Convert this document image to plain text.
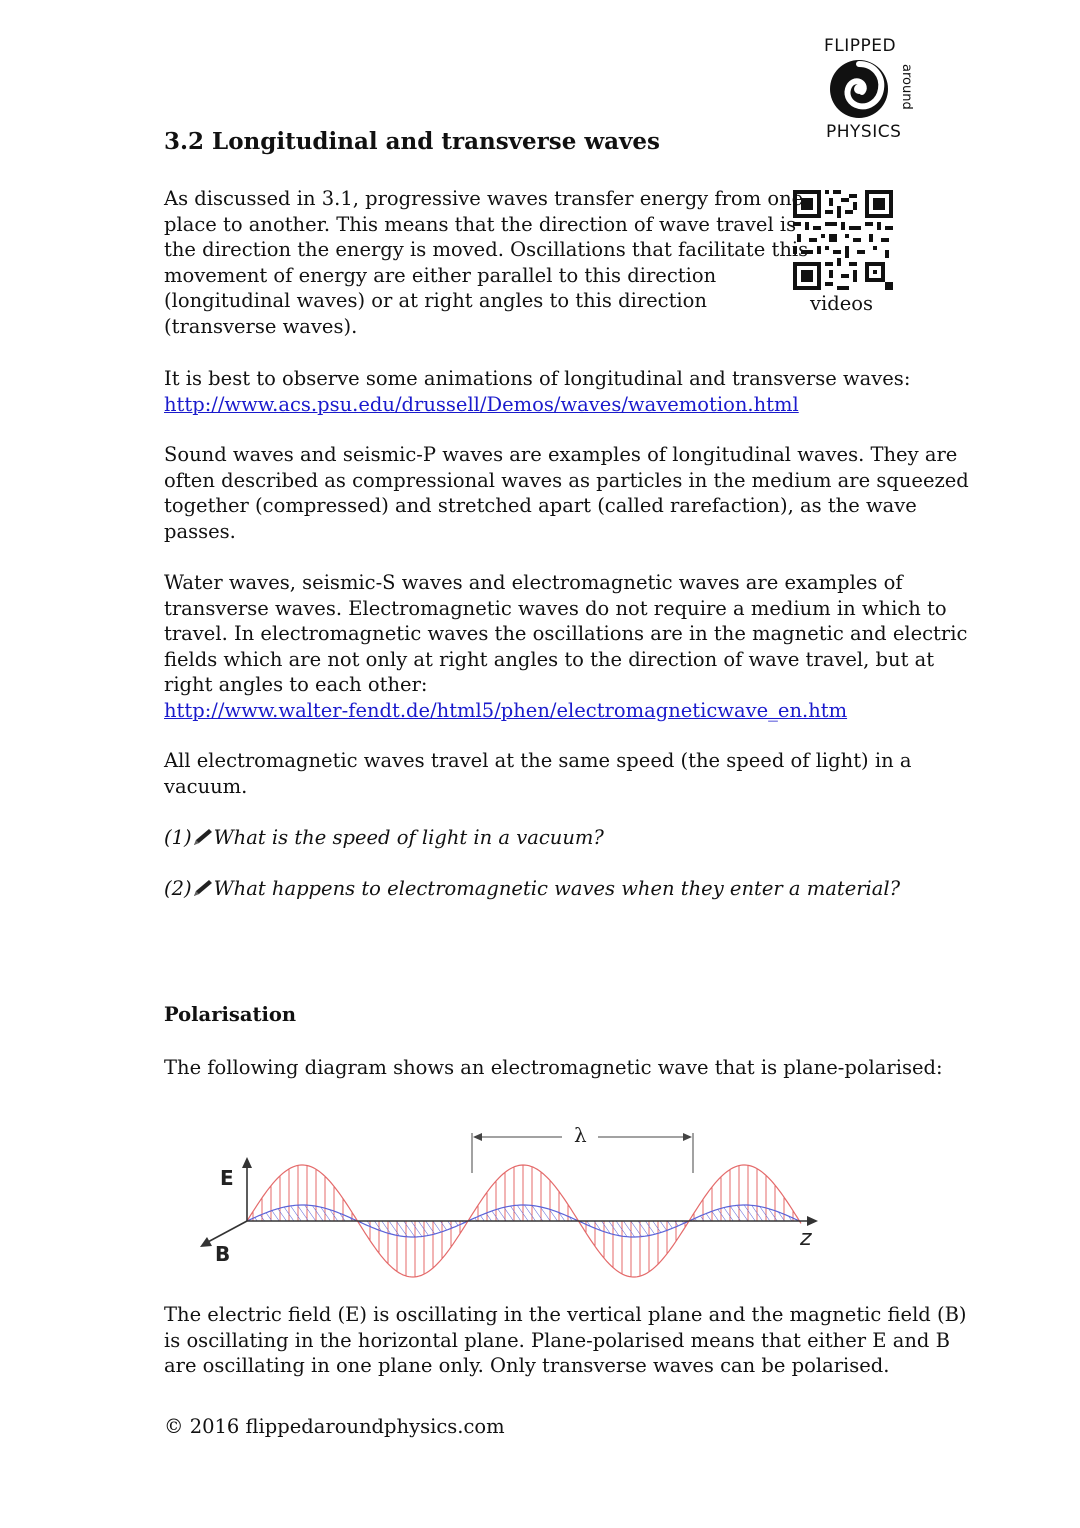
FLIPPED
around
PHYSICS
3.2 Longitudinal and transverse waves
videos
As discussed in 3.1, progressive waves transfer energy from one
place to another. This means that the direction of wave travel is
the direction the energy is moved. Oscillations that facilitate this
movement of energy are either parallel to this direction
(longitudinal waves) or at right angles to this direction
(transverse waves).
It is best to observe some animations of longitudinal and transverse waves:
http://www.acs.psu.edu/drussell/Demos/waves/wavemotion.html
Sound waves and seismic-P waves are examples of longitudinal waves. They are
often described as compressional waves as particles in the medium are squeezed
together (compressed) and stretched apart (called rarefaction), as the wave
passes.
Water waves, seismic-S waves and electromagnetic waves are examples of
transverse waves. Electromagnetic waves do not require a medium in which to
travel. In electromagnetic waves the oscillations are in the magnetic and electric
fields which are not only at right angles to the direction of wave travel, but at
right angles to each other:
http://www.walter-fendt.de/html5/phen/electromagneticwave_en.htm
All electromagnetic waves travel at the same speed (the speed of light) in a
vacuum.
(1) What is the speed of light in a vacuum?
(2) What happens to electromagnetic waves when they enter a material?
Polarisation
The following diagram shows an electromagnetic wave that is plane-polarised:
λ
E
B
z
The electric field (E) is oscillating in the vertical plane and the magnetic field (B)
is oscillating in the horizontal plane. Plane-polarised means that either E and B
are oscillating in one plane only. Only transverse waves can be polarised.
© 2016 flippedaroundphysics.com
